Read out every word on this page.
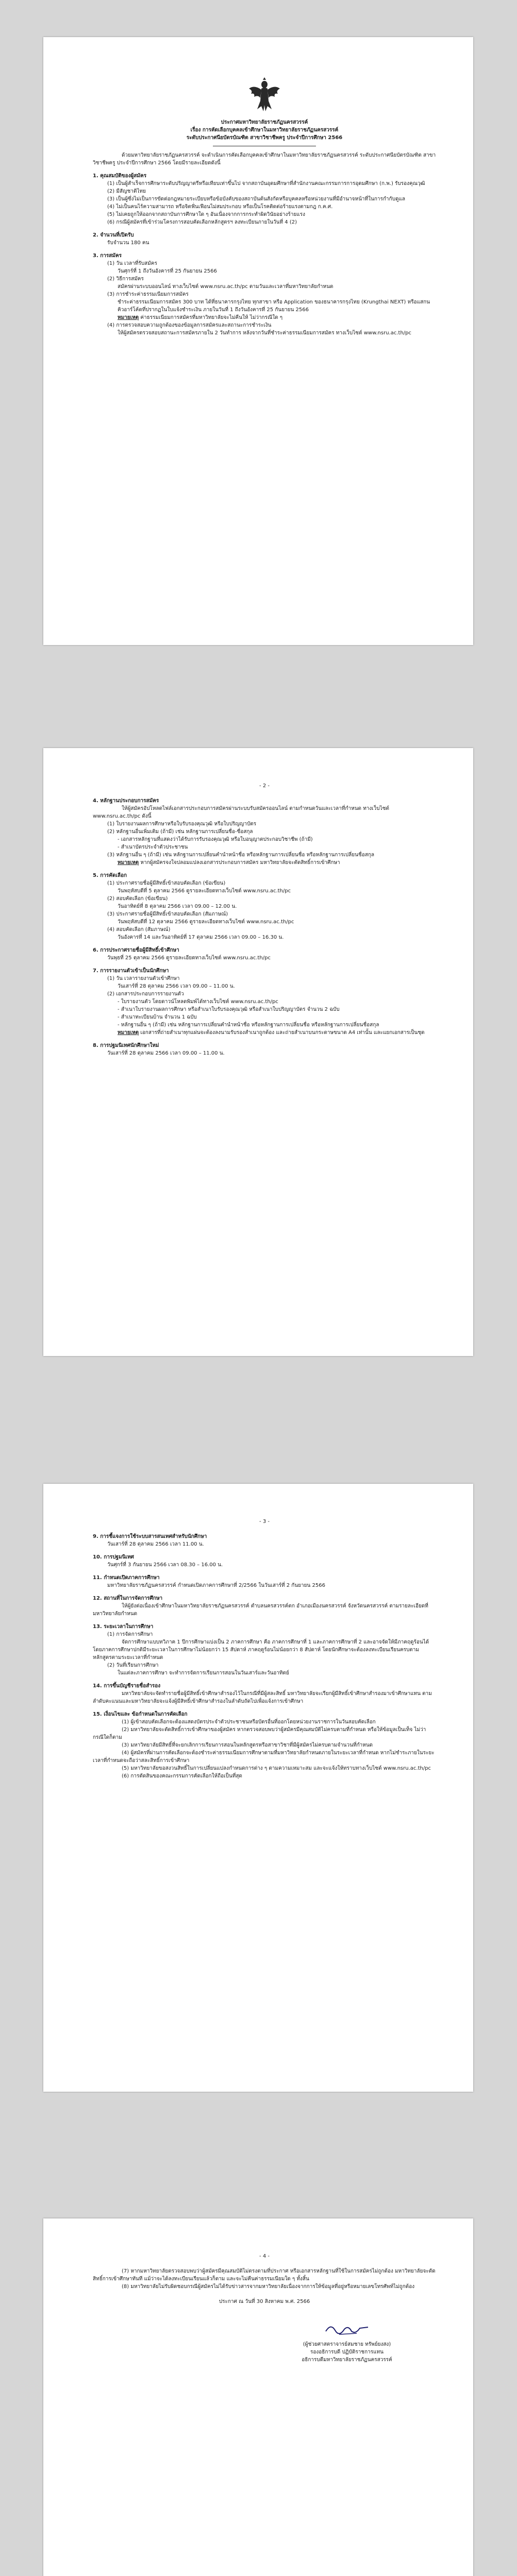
ประกาศมหาวิทยาลัยราชภัฏนครสวรรค์
เรื่อง การคัดเลือกบุคคลเข้าศึกษาในมหาวิทยาลัยราชภัฏนครสวรรค์
ระดับประกาศนียบัตรบัณฑิต สาขาวิชาชีพครู ประจำปีการศึกษา 2566

ด้วยมหาวิทยาลัยราชภัฏนครสวรรค์ จะดำเนินการคัดเลือกบุคคลเข้าศึกษาในมหาวิทยาลัยราชภัฏนครสวรรค์ ระดับประกาศนียบัตรบัณฑิต สาขาวิชาชีพครู ประจำปีการศึกษา 2566 โดยมีรายละเอียดดังนี้

1. คุณสมบัติของผู้สมัคร

(1) เป็นผู้สำเร็จการศึกษาระดับปริญญาตรีหรือเทียบเท่าขึ้นไป จากสถาบันอุดมศึกษาที่สำนักงานคณะกรรมการการอุดมศึกษา (ก.พ.) รับรองคุณวุฒิ

(2) มีสัญชาติไทย

(3) เป็นผู้ซึ่งไม่เป็นการขัดต่อกฎหมายระเบียบหรือข้อบังคับของสถาบันต้นสังกัดหรือบุคคลหรือหน่วยงานที่มีอำนาจหน้าที่ในการกำกับดูแล

(4) ไม่เป็นคนไร้ความสามารถ หรือจิตฟั่นเฟือนไม่สมประกอบ หรือเป็นโรคติดต่อร้ายแรงตามกฎ ก.ค.ศ.

(5) ไม่เคยถูกให้ออกจากสถาบันการศึกษาใด ๆ อันเนื่องจากการกระทำผิดวินัยอย่างร้ายแรง

(6) กรณีผู้สมัครที่เข้าร่วมโครงการสอบคัดเลือกหลักสูตรฯ ลงทะเบียนภายในวันที่ 4 (2)

2. จำนวนที่เปิดรับ

รับจำนวน 180 คน

3. การสมัคร

(1) วัน เวลาที่รับสมัคร

วันศุกร์ที่ 1 ถึงวันอังคารที่ 25 กันยายน 2566

(2) วิธีการสมัคร

สมัครผ่านระบบออนไลน์ ทางเว็บไซต์ www.nsru.ac.th/pc ตามวันและเวลาที่มหาวิทยาลัยกำหนด

(3) การชำระค่าธรรมเนียมการสมัคร

ชำระค่าธรรมเนียมการสมัคร 300 บาท ได้ที่ธนาคารกรุงไทย ทุกสาขา หรือ Application ของธนาคารกรุงไทย (Krungthai NEXT) หรือแสกนคิวอาร์โค้ดที่ปรากฏในใบแจ้งชำระเงิน ภายในวันที่ 1 ถึงวันอังคารที่ 25 กันยายน 2566

หมายเหตุ ค่าธรรมเนียมการสมัครที่มหาวิทยาลัยจะไม่คืนให้ ไม่ว่ากรณีใด ๆ

(4) การตรวจสอบความถูกต้องของข้อมูลการสมัครและสถานะการชำระเงิน

ให้ผู้สมัครตรวจสอบสถานะการสมัครภายใน 2 วันทำการ หลังจากวันที่ชำระค่าธรรมเนียมการสมัคร ทางเว็บไซต์ www.nsru.ac.th/pc

- 2 -
4. หลักฐานประกอบการสมัคร

ให้ผู้สมัครอัปโหลดไฟล์เอกสารประกอบการสมัครผ่านระบบรับสมัครออนไลน์ ตามกำหนดวันและเวลาที่กำหนด ทางเว็บไซต์ www.nsru.ac.th/pc ดังนี้

(1) ใบรายงานผลการศึกษาหรือใบรับรองคุณวุฒิ หรือใบปริญญาบัตร

(2) หลักฐานอื่นเพิ่มเติม (ถ้ามี) เช่น หลักฐานการเปลี่ยนชื่อ-ชื่อสกุล

- เอกสารหลักฐานที่แสดงว่าได้รับการรับรองคุณวุฒิ หรือใบอนุญาตประกอบวิชาชีพ (ถ้ามี)

- สำเนาบัตรประจำตัวประชาชน

(3) หลักฐานอื่น ๆ (ถ้ามี) เช่น หลักฐานการเปลี่ยนคำนำหน้าชื่อ หรือหลักฐานการเปลี่ยนชื่อ หรือหลักฐานการเปลี่ยนชื่อสกุล

หมายเหตุ หากผู้สมัครจงใจปลอมแปลงเอกสารประกอบการสมัคร มหาวิทยาลัยจะตัดสิทธิ์การเข้าศึกษา

5. การคัดเลือก

(1) ประกาศรายชื่อผู้มีสิทธิ์เข้าสอบคัดเลือก (ข้อเขียน)

วันพฤหัสบดีที่ 5 ตุลาคม 2566 ดูรายละเอียดทางเว็บไซต์ www.nsru.ac.th/pc

(2) สอบคัดเลือก (ข้อเขียน)

วันอาทิตย์ที่ 8 ตุลาคม 2566 เวลา 09.00 – 12.00 น.

(3) ประกาศรายชื่อผู้มีสิทธิ์เข้าสอบคัดเลือก (สัมภาษณ์)

วันพฤหัสบดีที่ 12 ตุลาคม 2566 ดูรายละเอียดทางเว็บไซต์ www.nsru.ac.th/pc

(4) สอบคัดเลือก (สัมภาษณ์)

วันอังคารที่ 14 และวันอาทิตย์ที่ 17 ตุลาคม 2566 เวลา 09.00 – 16.30 น.

6. การประกาศรายชื่อผู้มีสิทธิ์เข้าศึกษา

วันพุธที่ 25 ตุลาคม 2566 ดูรายละเอียดทางเว็บไซต์ www.nsru.ac.th/pc

7. การรายงานตัวเข้าเป็นนักศึกษา

(1) วัน เวลารายงานตัวเข้าศึกษา

วันเสาร์ที่ 28 ตุลาคม 2566 เวลา 09.00 – 11.00 น.

(2) เอกสารประกอบการรายงานตัว

- ใบรายงานตัว โดยดาวน์โหลดพิมพ์ได้ทางเว็บไซต์ www.nsru.ac.th/pc

- สำเนาใบรายงานผลการศึกษา หรือสำเนาใบรับรองคุณวุฒิ หรือสำเนาใบปริญญาบัตร จำนวน 2 ฉบับ

- สำเนาทะเบียนบ้าน จำนวน 1 ฉบับ

- หลักฐานอื่น ๆ (ถ้ามี) เช่น หลักฐานการเปลี่ยนคำนำหน้าชื่อ หรือหลักฐานการเปลี่ยนชื่อ หรือหลักฐานการเปลี่ยนชื่อสกุล

หมายเหตุ เอกสารที่ถ่ายสำเนาทุกแผ่นจะต้องลงนามรับรองสำเนาถูกต้อง และถ่ายสำเนาบนกระดาษขนาด A4 เท่านั้น และแยกเอกสารเป็นชุด

8. การปฐมนิเทศนักศึกษาใหม่

วันเสาร์ที่ 28 ตุลาคม 2566 เวลา 09.00 – 11.00 น.

- 3 -
9. การชี้แจงการใช้ระบบสารสนเทศสำหรับนักศึกษา

วันเสาร์ที่ 28 ตุลาคม 2566 เวลา 11.00 น.

10. การปฐมนิเทศ

วันศุกร์ที่ 3 กันยายน 2566 เวลา 08.30 – 16.00 น.

11. กำหนดเปิดภาคการศึกษา

มหาวิทยาลัยราชภัฏนครสวรรค์ กำหนดเปิดภาคการศึกษาที่ 2/2566 ในวันเสาร์ที่ 2 กันยายน 2566

12. สถานที่ในการจัดการศึกษา

ให้ผู้ยังต่อเนื่องเข้าศึกษาในมหาวิทยาลัยราชภัฏนครสวรรค์ ตำบลนครสวรรค์ตก อำเภอเมืองนครสวรรค์ จังหวัดนครสวรรค์ ตามรายละเอียดที่มหาวิทยาลัยกำหนด

13. ระยะเวลาในการศึกษา

(1) การจัดการศึกษา

จัดการศึกษาแบบทวิภาค 1 ปีการศึกษาแบ่งเป็น 2 ภาคการศึกษา คือ ภาคการศึกษาที่ 1 และภาคการศึกษาที่ 2 และอาจจัดให้มีภาคฤดูร้อนได้ โดยภาคการศึกษาปกติมีระยะเวลาในการศึกษาไม่น้อยกว่า 15 สัปดาห์ ภาคฤดูร้อนไม่น้อยกว่า 8 สัปดาห์ โดยนักศึกษาจะต้องลงทะเบียนเรียนครบตามหลักสูตรตามระยะเวลาที่กำหนด

(2) วันที่เรียนการศึกษา

ในแต่ละภาคการศึกษา จะทำการจัดการเรียนการสอนในวันเสาร์และวันอาทิตย์

14. การขึ้นบัญชีรายชื่อสำรอง

มหาวิทยาลัยจะจัดทำรายชื่อผู้มีสิทธิ์เข้าศึกษาสำรองไว้ในกรณีที่มีผู้สละสิทธิ์ มหาวิทยาลัยจะเรียกผู้มีสิทธิ์เข้าศึกษาสำรองมาเข้าศึกษาแทน ตามลำดับคะแนนและมหาวิทยาลัยจะแจ้งผู้มีสิทธิ์เข้าศึกษาสำรองในลำดับถัดไปเพื่อแจ้งการเข้าศึกษา

15. เงื่อนไขและ ข้อกำหนดในการคัดเลือก

(1) ผู้เข้าสอบคัดเลือกจะต้องแสดงบัตรประจำตัวประชาชนหรือบัตรอื่นที่ออกโดยหน่วยงานราชการในวันสอบคัดเลือก

(2) มหาวิทยาลัยจะตัดสิทธิ์การเข้าศึกษาของผู้สมัคร หากตรวจสอบพบว่าผู้สมัครมีคุณสมบัติไม่ครบตามที่กำหนด หรือให้ข้อมูลเป็นเท็จ ไม่ว่ากรณีใดก็ตาม

(3) มหาวิทยาลัยมีสิทธิ์ที่จะยกเลิกการเรียนการสอนในหลักสูตรหรือสาขาวิชาที่มีผู้สมัครไม่ครบตามจำนวนที่กำหนด

(4) ผู้สมัครที่ผ่านการคัดเลือกจะต้องชำระค่าธรรมเนียมการศึกษาตามที่มหาวิทยาลัยกำหนดภายในระยะเวลาที่กำหนด หากไม่ชำระภายในระยะเวลาที่กำหนดจะถือว่าสละสิทธิ์การเข้าศึกษา

(5) มหาวิทยาลัยขอสงวนสิทธิ์ในการเปลี่ยนแปลงกำหนดการต่าง ๆ ตามความเหมาะสม และจะแจ้งให้ทราบทางเว็บไซต์ www.nsru.ac.th/pc

(6) การตัดสินของคณะกรรมการคัดเลือกให้ถือเป็นที่สุด

- 4 -

(7) หากมหาวิทยาลัยตรวจสอบพบว่าผู้สมัครมีคุณสมบัติไม่ตรงตามที่ประกาศ หรือเอกสารหลักฐานที่ใช้ในการสมัครไม่ถูกต้อง มหาวิทยาลัยจะตัดสิทธิ์การเข้าศึกษาทันที แม้ว่าจะได้ลงทะเบียนเรียนแล้วก็ตาม และจะไม่คืนค่าธรรมเนียมใด ๆ ทั้งสิ้น

(8) มหาวิทยาลัยไม่รับผิดชอบกรณีผู้สมัครไม่ได้รับข่าวสารจากมหาวิทยาลัยเนื่องจากการให้ข้อมูลที่อยู่หรือหมายเลขโทรศัพท์ไม่ถูกต้อง

ประกาศ ณ วันที่ 30 สิงหาคม พ.ศ. 2566

(ผู้ช่วยศาสตราจารย์สมชาย ทรัพย์ยงสง)
รองอธิการบดี ปฏิบัติราชการแทน
อธิการบดีมหาวิทยาลัยราชภัฏนครสวรรค์
